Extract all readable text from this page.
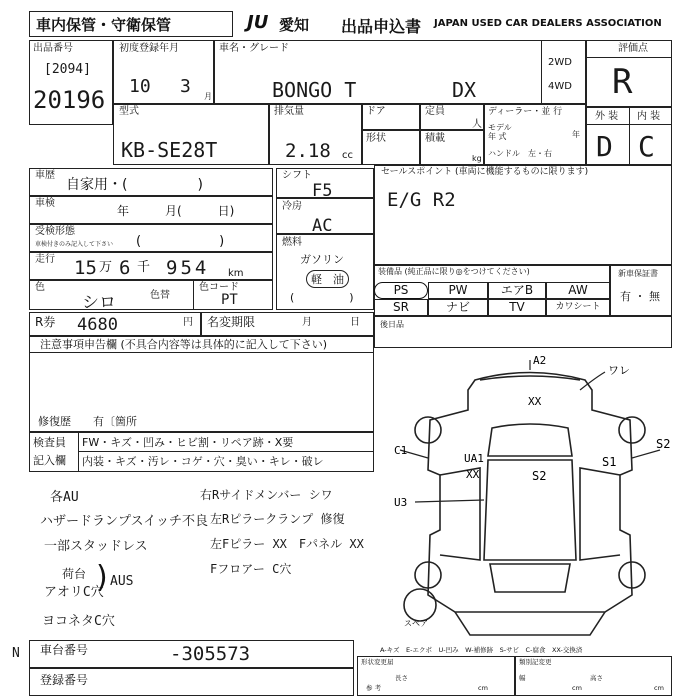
車内保管・守衛保管	JU 愛知 出品申込書 JAPAN USED CAR DEALERS ASSOCIATION
出品番号
[2094]
20196
初度登録年月
10 3 月
車名・グレード
BONGO T	DX
2WD
4WD
評価点
R
型式
KB-SE28T
排気量
2.18 cc
ドア	定員
人
形状	積載
kg
ディーラー・並 行
モデル
年 式	年
ハンドル　左・右
外 装 内 装
D C
車歴
自家用・(　　　　　)
車検
年　　　月(　　　日)
受検形態
車検付きのみ記入して下さい (　　　　　　)
走行 15 万 6 千 954 km
色
シロ	色替
色コード
PT
シフト
F5
冷房
AC
燃料
ガソリン
軽　油
(　　　　　)
セールスポイント (車両に機能するものに限ります)
E/G R2
装備品 (純正品に限り◎をつけてください)
PS	PW	エアB	AW
SR	ナビ	TV	カワシート
新車保証書
有 ・ 無
R券 4680	円 名変期限	月	日	後日品
注意事項申告欄 (不具合内容等は具体的に記入して下さい)
修復歴　　有〔箇所
検査員
記入欄
FW・キズ・凹み・ヒビ割・リペア跡・X要
内装・キズ・汚レ・コゲ・穴・臭い・キレ・破レ
各AU
ハザードランプスイッチ不良
一部スタッドレス
荷台
アオリC穴
AUS
ヨコネタC穴
)
右Rサイドメンバー シワ
左Rピラークランプ 修復
左Fピラー XX　Fパネル XX
Fフロアー C穴
A2
ワレ
XX
C1
UA1
XX	S2
S1
S2
U3
スペア
A-キズ　E-エクボ　U-凹み　W-補修跡　S-サビ　C-腐食　XX-交換済
N 車台番号	-305573
登録番号
形状変更届
参 考
長さ
cm
類別記変更
幅
cm
高さ
cm
